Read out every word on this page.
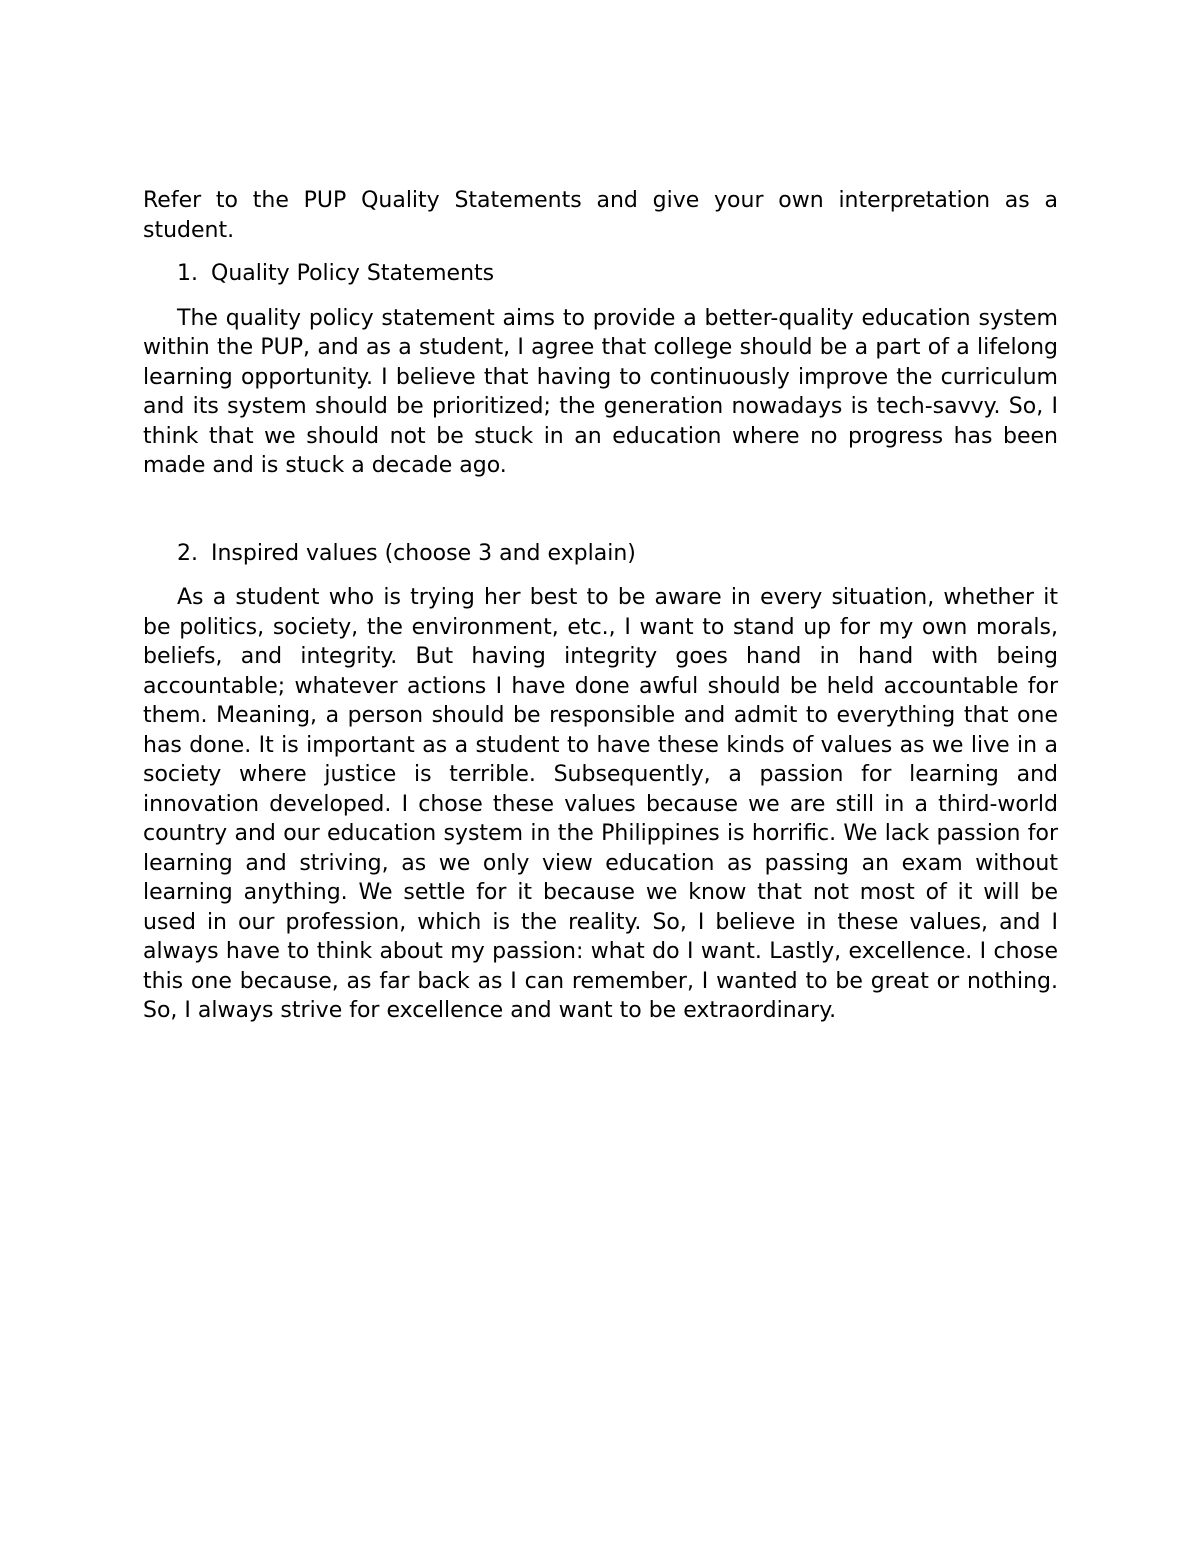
Refer to the PUP Quality Statements and give your own interpretation as a student.

1. Quality Policy Statements

The quality policy statement aims to provide a better-quality education system within the PUP, and as a student, I agree that college should be a part of a lifelong learning opportunity. I believe that having to continuously improve the curriculum and its system should be prioritized; the generation nowadays is tech-savvy. So, I think that we should not be stuck in an education where no progress has been made and is stuck a decade ago.

2. Inspired values (choose 3 and explain)

As a student who is trying her best to be aware in every situation, whether it be politics, society, the environment, etc., I want to stand up for my own morals, beliefs, and integrity. But having integrity goes hand in hand with being accountable; whatever actions I have done awful should be held accountable for them. Meaning, a person should be responsible and admit to everything that one has done. It is important as a student to have these kinds of values as we live in a society where justice is terrible. Subsequently, a passion for learning and innovation developed. I chose these values because we are still in a third-world country and our education system in the Philippines is horrific. We lack passion for learning and striving, as we only view education as passing an exam without learning anything. We settle for it because we know that not most of it will be used in our profession, which is the reality. So, I believe in these values, and I always have to think about my passion: what do I want. Lastly, excellence. I chose this one because, as far back as I can remember, I wanted to be great or nothing. So, I always strive for excellence and want to be extraordinary.
